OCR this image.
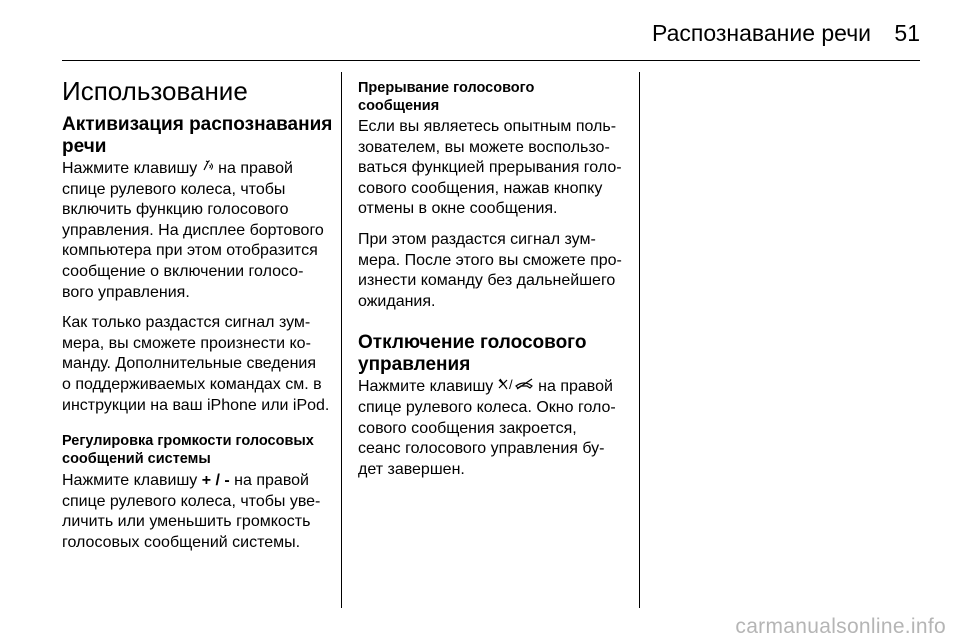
Распознавание речи 51

Использование

Активизация распознавания

речи

Нажмите клавишу  на правой

спице рулевого колеса, чтобы

включить функцию голосового

управления. На дисплее бортового

компьютера при этом отобразится

сообщение о включении голосо-

вого управления.

Как только раздастся сигнал зум-

мера, вы сможете произнести ко-

манду. Дополнительные сведения

о поддерживаемых командах см. в

инструкции на ваш iPhone или iPod.

Регулировка громкости голосовых

сообщений системы

Нажмите клавишу + / - на правой

спице рулевого колеса, чтобы уве-

личить или уменьшить громкость

голосовых сообщений системы.

Прерывание голосового

сообщения

Если вы являетесь опытным поль-

зователем, вы можете воспользо-

ваться функцией прерывания голо-

сового сообщения, нажав кнопку

отмены в окне сообщения.

При этом раздастся сигнал зум-

мера. После этого вы сможете про-

изнести команду без дальнейшего

ожидания.

Отключение голосового

управления

Нажмите клавишу / на правой

спице рулевого колеса. Окно голо-

сового сообщения закроется,

сеанс голосового управления бу-

дет завершен.

carmanualsonline.info
